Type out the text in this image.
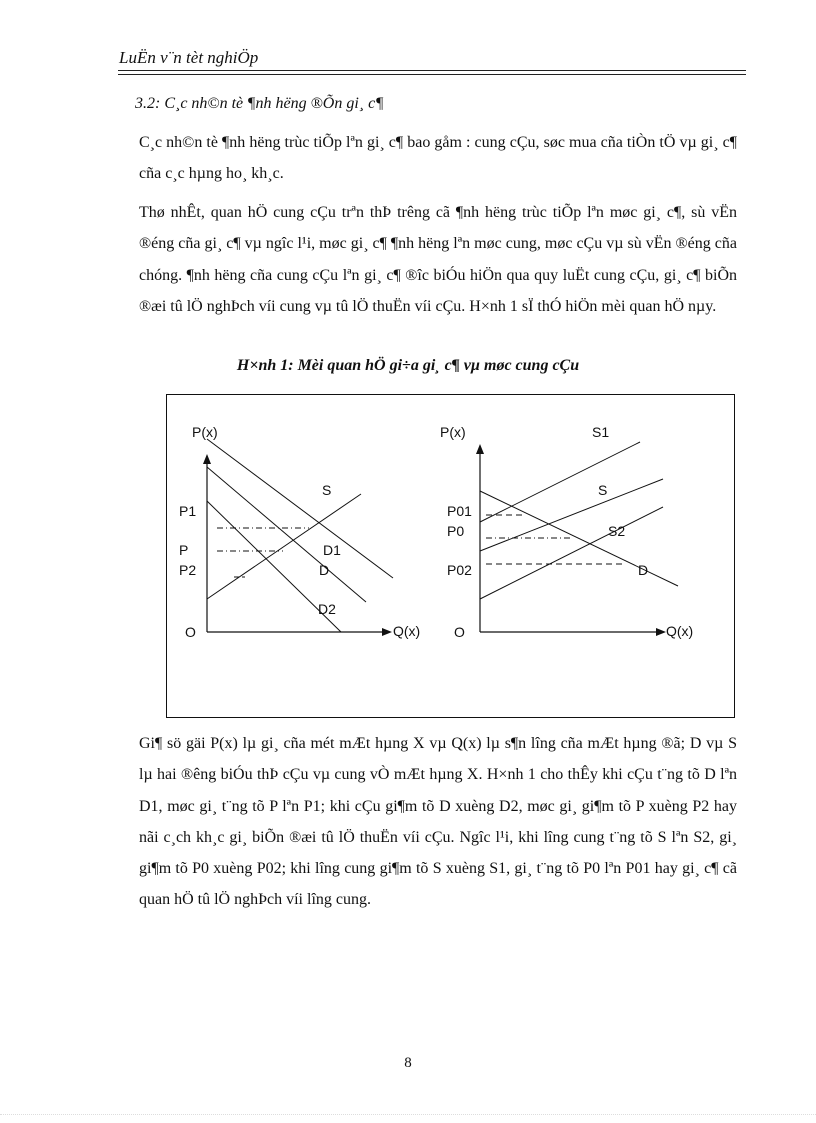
LuËn v¨n tèt nghiÖp
3.2: C¸c nh©n tè ¶nh hëng ®Õn gi¸ c¶

C¸c nh©n tè ¶nh hëng trùc tiÕp lªn gi¸ c¶ bao gåm : cung cÇu, søc mua cña tiÒn tÖ vµ gi¸ c¶ cña c¸c hµng ho¸ kh¸c.

Thø nhÊt, quan hÖ cung cÇu trªn thÞ trêng cã ¶nh hëng trùc tiÕp lªn møc gi¸ c¶, sù vËn ®éng cña gi¸ c¶ vµ ngîc l¹i, møc gi¸ c¶ ¶nh hëng lªn møc cung, møc cÇu vµ sù vËn ®éng cña chóng. ¶nh hëng cña cung cÇu lªn gi¸ c¶ ®îc biÓu hiÖn qua quy luËt cung cÇu, gi¸ c¶ biÕn ®æi tû lÖ nghÞch víi cung vµ tû lÖ thuËn víi cÇu. H×nh 1 sÏ thÓ hiÖn mèi quan hÖ nµy.

H×nh 1: Mèi quan hÖ gi÷a gi¸ c¶ vµ møc cung cÇu
P(x)
Q(x)
O
P1
P
P2
S
D1
D
D2
P(x)
Q(x)
O
P01
P0
P02
S1
S
S2
D

Gi¶ sö gäi P(x) lµ gi¸ cña mét mÆt hµng X vµ Q(x) lµ s¶n lîng cña mÆt hµng ®ã; D vµ S lµ hai ®êng biÓu thÞ cÇu vµ cung vÒ mÆt hµng X. H×nh 1 cho thÊy khi cÇu t¨ng tõ D lªn D1, møc gi¸ t¨ng tõ P lªn P1; khi cÇu gi¶m tõ D xuèng D2, møc gi¸ gi¶m tõ P xuèng P2 hay nãi c¸ch kh¸c gi¸ biÕn ®æi tû lÖ thuËn víi cÇu. Ngîc l¹i, khi lîng cung t¨ng tõ S lªn S2, gi¸ gi¶m tõ P0 xuèng P02; khi lîng cung gi¶m tõ S xuèng S1, gi¸ t¨ng tõ P0 lªn P01 hay gi¸ c¶ cã quan hÖ tû lÖ nghÞch víi lîng cung.

8
